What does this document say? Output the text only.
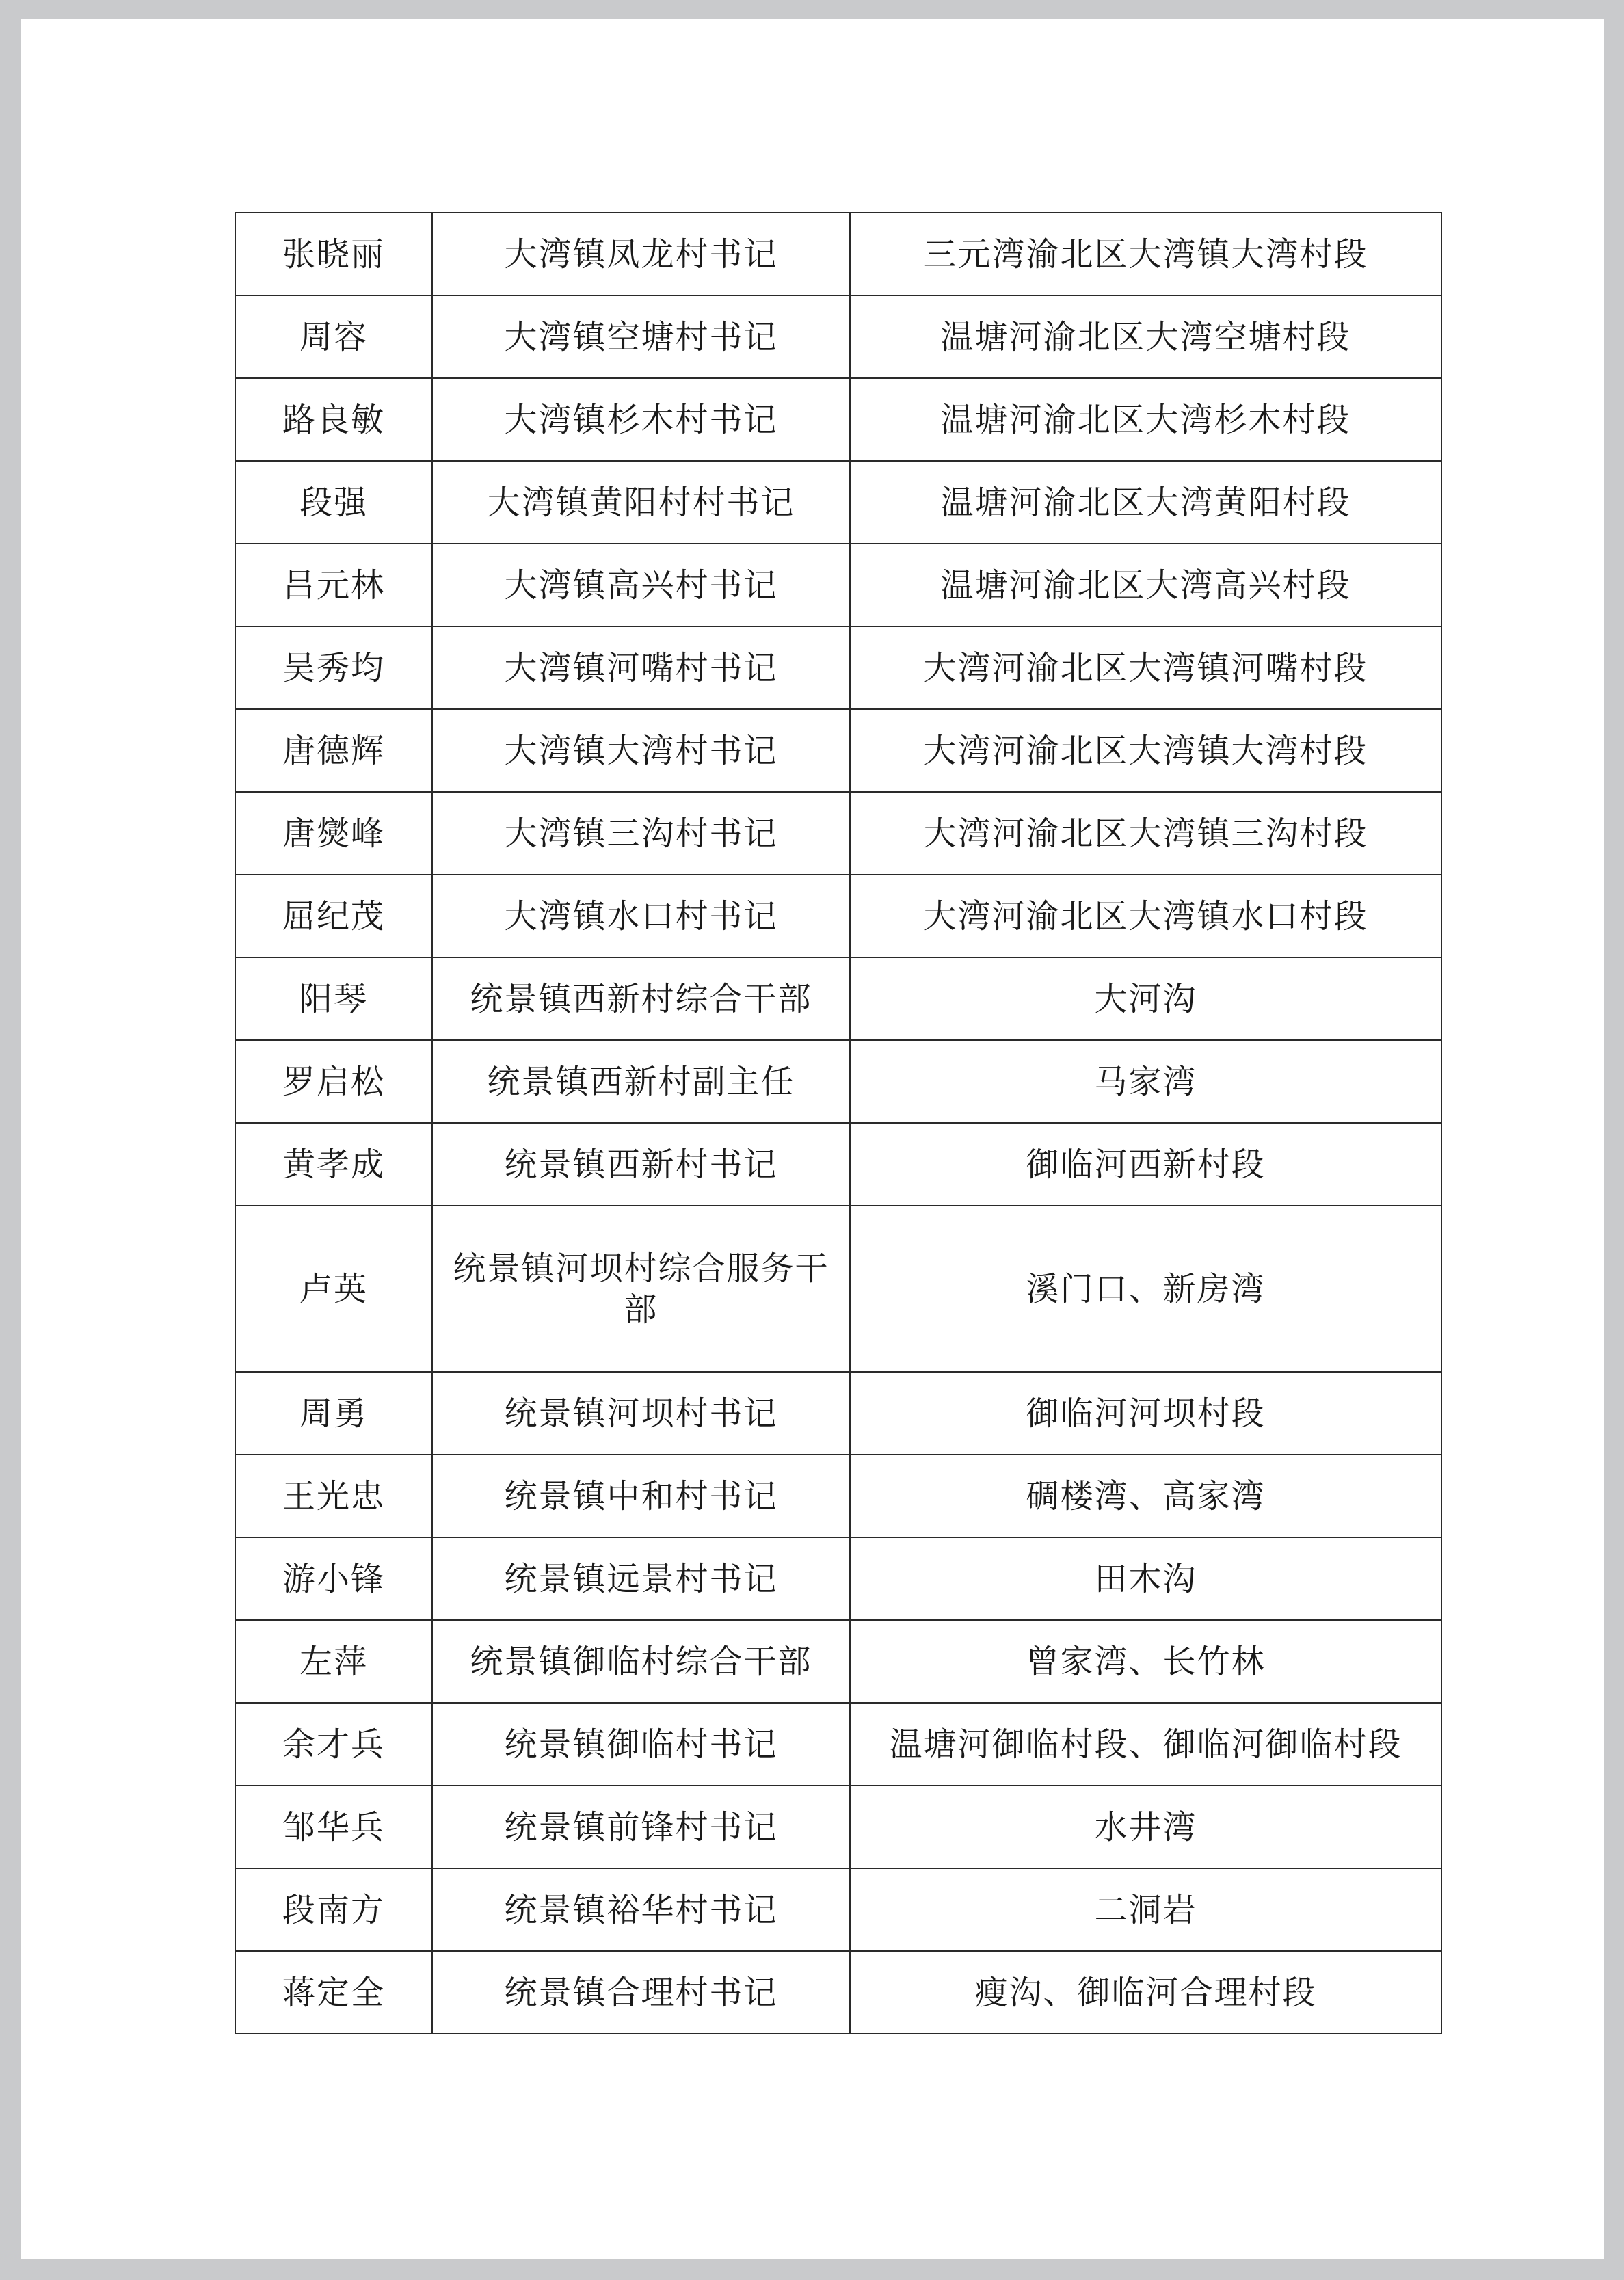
张晓丽	大湾镇凤龙村书记	三元湾渝北区大湾镇大湾村段
周容	大湾镇空塘村书记	温塘河渝北区大湾空塘村段
路良敏	大湾镇杉木村书记	温塘河渝北区大湾杉木村段
段强	大湾镇黄阳村村书记	温塘河渝北区大湾黄阳村段
吕元林	大湾镇高兴村书记	温塘河渝北区大湾高兴村段
吴秀均	大湾镇河嘴村书记	大湾河渝北区大湾镇河嘴村段
唐德辉	大湾镇大湾村书记	大湾河渝北区大湾镇大湾村段
唐爕峰	大湾镇三沟村书记	大湾河渝北区大湾镇三沟村段
屈纪茂	大湾镇水口村书记	大湾河渝北区大湾镇水口村段
阳琴	统景镇西新村综合干部	大河沟
罗启松	统景镇西新村副主任	马家湾
黄孝成	统景镇西新村书记	御临河西新村段
卢英	统景镇河坝村综合服务干部	溪门口、新房湾
周勇	统景镇河坝村书记	御临河河坝村段
王光忠	统景镇中和村书记	碉楼湾、高家湾
游小锋	统景镇远景村书记	田木沟
左萍	统景镇御临村综合干部	曾家湾、长竹林
余才兵	统景镇御临村书记	温塘河御临村段、御临河御临村段
邹华兵	统景镇前锋村书记	水井湾
段南方	统景镇裕华村书记	二洞岩
蒋定全	统景镇合理村书记	瘦沟、御临河合理村段
